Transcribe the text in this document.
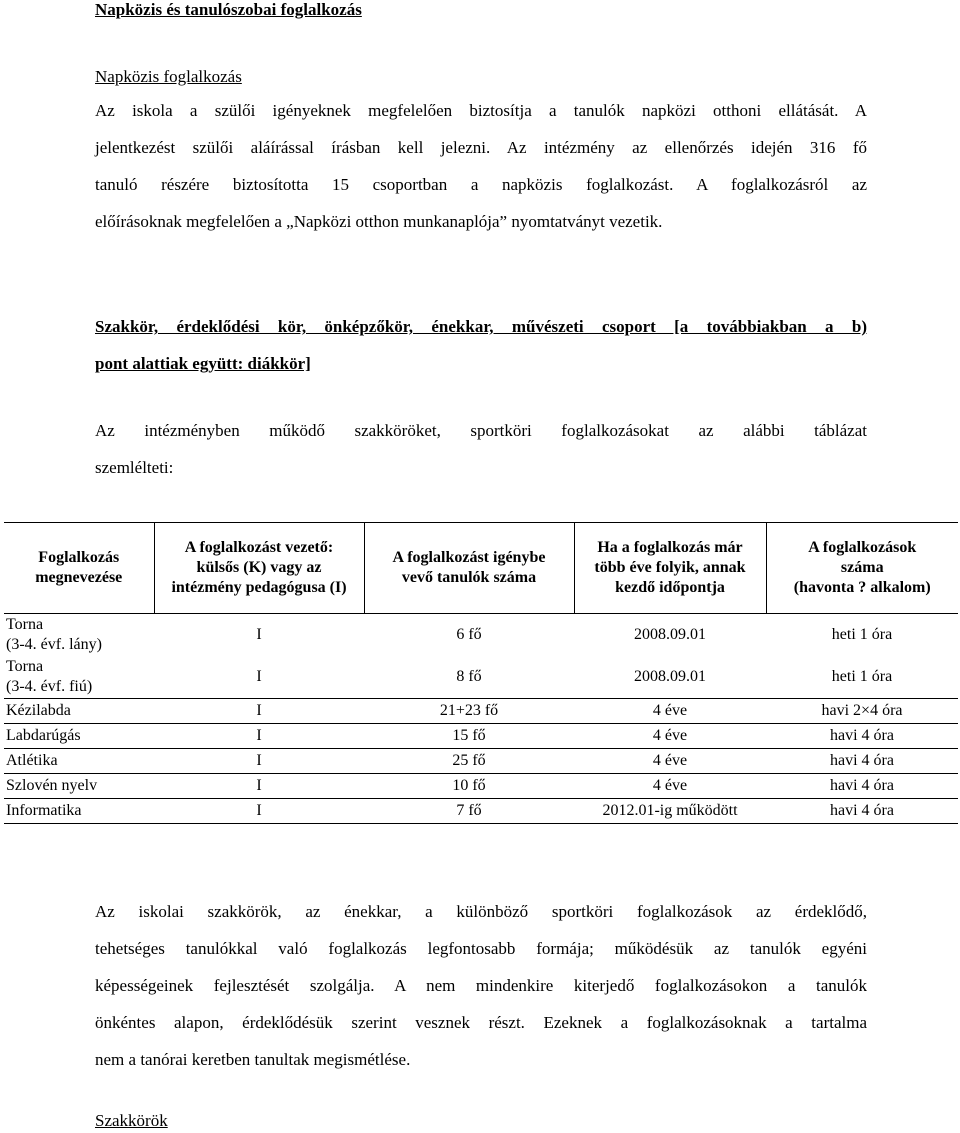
Napközis és tanulószobai foglalkozás
Napközis foglalkozás
Az iskola a szülői igényeknek megfelelően biztosítja a tanulók napközi otthoni ellátását. A
jelentkezést szülői aláírással írásban kell jelezni. Az intézmény az ellenőrzés idején 316 fő
tanuló részére biztosította 15 csoportban a napközis foglalkozást. A foglalkozásról az
előírásoknak megfelelően a „Napközi otthon munkanaplója” nyomtatványt vezetik.
Szakkör, érdeklődési kör, önképzőkör, énekkar, művészeti csoport [a továbbiakban a b)
pont alattiak együtt: diákkör]
Az intézményben működő szakköröket, sportköri foglalkozásokat az alábbi táblázat
szemlélteti:
Foglalkozás
megnevezése	A foglalkozást vezető:
külsős (K) vagy az
intézmény pedagógusa (I)	A foglalkozást igénybe
vevő tanulók száma	Ha a foglalkozás már
több éve folyik, annak
kezdő időpontja	A foglalkozások
száma
(havonta ? alkalom)

Torna
(3-4. évf. lány)	I	6 fő	2008.09.01	heti 1 óra

Torna
(3-4. évf. fiú)	I	8 fő	2008.09.01	heti 1 óra
Kézilabda	I	21+23 fő	4 éve	havi 2×4 óra
Labdarúgás	I	15 fő	4 éve	havi 4 óra
Atlétika	I	25 fő	4 éve	havi 4 óra
Szlovén nyelv	I	10 fő	4 éve	havi 4 óra
Informatika	I	7 fő	2012.01-ig működött	havi 4 óra
Az iskolai szakkörök, az énekkar, a különböző sportköri foglalkozások az érdeklődő,
tehetséges tanulókkal való foglalkozás legfontosabb formája; működésük az tanulók egyéni
képességeinek fejlesztését szolgálja. A nem mindenkire kiterjedő foglalkozásokon a tanulók
önkéntes alapon, érdeklődésük szerint vesznek részt. Ezeknek a foglalkozásoknak a tartalma
nem a tanórai keretben tanultak megismétlése.
Szakkörök
